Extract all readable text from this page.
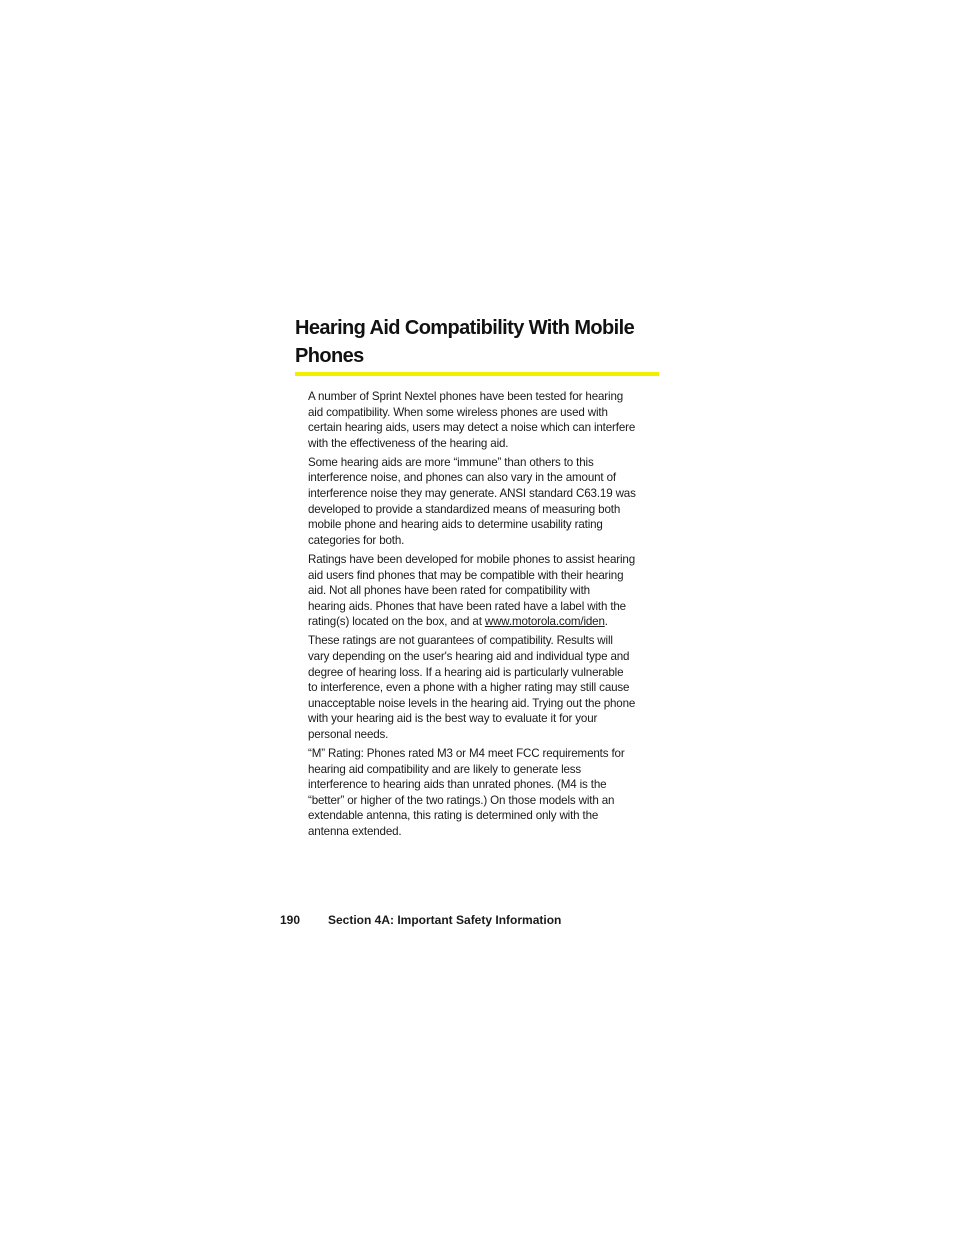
Hearing Aid Compatibility With Mobile
Phones

A number of Sprint Nextel phones have been tested for hearing
aid compatibility. When some wireless phones are used with
certain hearing aids, users may detect a noise which can interfere
with the effectiveness of the hearing aid.

Some hearing aids are more “immune” than others to this
interference noise, and phones can also vary in the amount of
interference noise they may generate. ANSI standard C63.19 was
developed to provide a standardized means of measuring both
mobile phone and hearing aids to determine usability rating
categories for both.

Ratings have been developed for mobile phones to assist hearing
aid users find phones that may be compatible with their hearing
aid. Not all phones have been rated for compatibility with
hearing aids. Phones that have been rated have a label with the
rating(s) located on the box, and at www.motorola.com/iden.

These ratings are not guarantees of compatibility. Results will
vary depending on the user's hearing aid and individual type and
degree of hearing loss. If a hearing aid is particularly vulnerable
to interference, even a phone with a higher rating may still cause
unacceptable noise levels in the hearing aid. Trying out the phone
with your hearing aid is the best way to evaluate it for your
personal needs.

“M” Rating: Phones rated M3 or M4 meet FCC requirements for
hearing aid compatibility and are likely to generate less
interference to hearing aids than unrated phones. (M4 is the
“better” or higher of the two ratings.) On those models with an
extendable antenna, this rating is determined only with the
antenna extended.

190 Section 4A: Important Safety Information
